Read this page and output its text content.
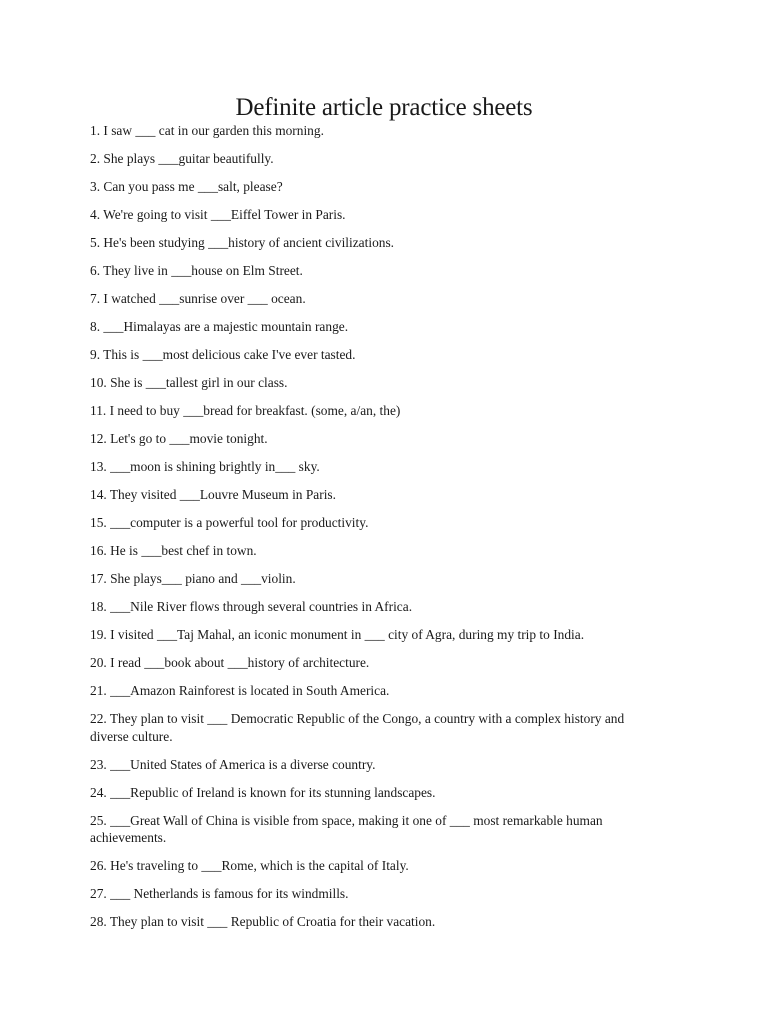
Definite article practice sheets
1. I saw ___ cat in our garden this morning.
2. She plays ___guitar beautifully.
3. Can you pass me ___salt, please?
4. We're going to visit ___Eiffel Tower in Paris.
5. He's been studying ___history of ancient civilizations.
6. They live in ___house on Elm Street.
7. I watched ___sunrise over ___ ocean.
8. ___Himalayas are a majestic mountain range.
9. This is ___most delicious cake I've ever tasted.
10. She is ___tallest girl in our class.
11. I need to buy ___bread for breakfast. (some, a/an, the)
12. Let's go to ___movie tonight.
13. ___moon is shining brightly in___ sky.
14. They visited ___Louvre Museum in Paris.
15. ___computer is a powerful tool for productivity.
16. He is ___best chef in town.
17. She plays___ piano and ___violin.
18. ___Nile River flows through several countries in Africa.
19. I visited ___Taj Mahal, an iconic monument in ___ city of Agra, during my trip to India.
20. I read ___book about ___history of architecture.
21. ___Amazon Rainforest is located in South America.
22. They plan to visit ___ Democratic Republic of the Congo, a country with a complex history and diverse culture.
23. ___United States of America is a diverse country.
24. ___Republic of Ireland is known for its stunning landscapes.
25. ___Great Wall of China is visible from space, making it one of ___ most remarkable human achievements.
26. He's traveling to ___Rome, which is the capital of Italy.
27. ___ Netherlands is famous for its windmills.
28. They plan to visit ___ Republic of Croatia for their vacation.
